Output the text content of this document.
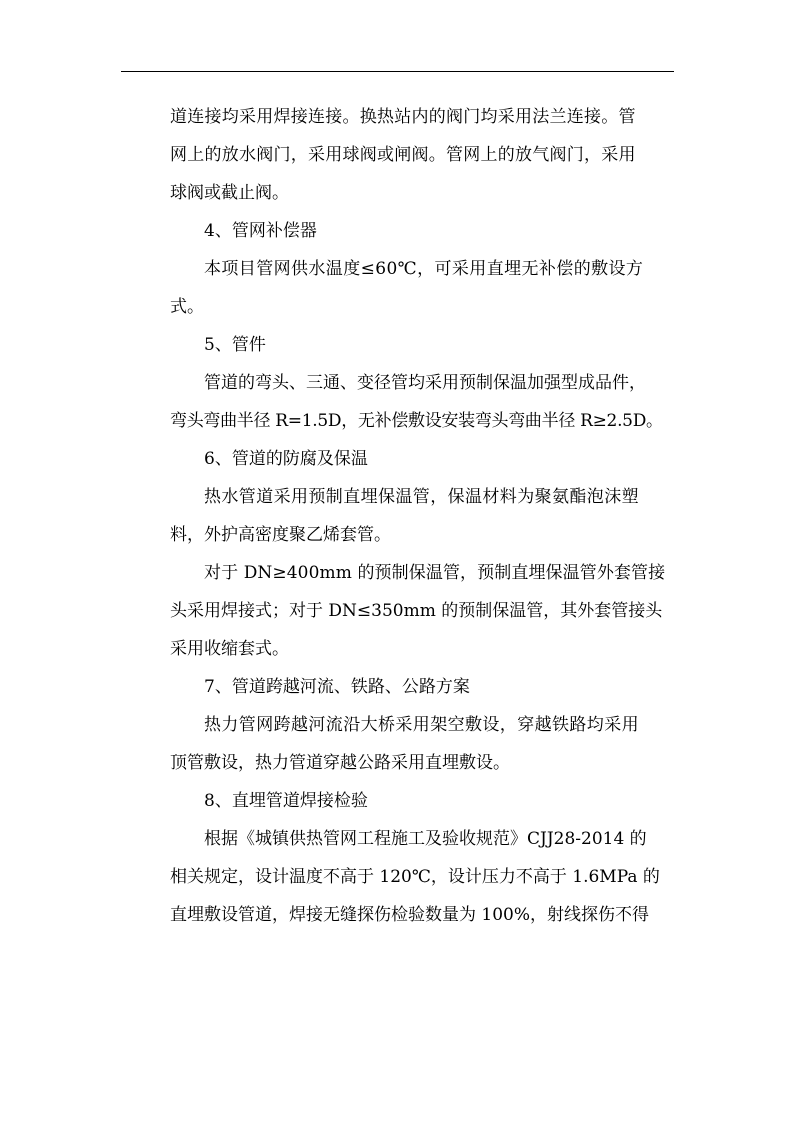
道连接均采用焊接连接。换热站内的阀门均采用法兰连接。管
网上的放水阀门，采用球阀或闸阀。管网上的放气阀门，采用
球阀或截止阀。
4、管网补偿器
本项目管网供水温度≤60℃，可采用直埋无补偿的敷设方
式。
5、管件
管道的弯头、三通、变径管均采用预制保温加强型成品件，
弯头弯曲半径 R=1.5D，无补偿敷设安装弯头弯曲半径 R≥2.5D。
6、管道的防腐及保温
热水管道采用预制直埋保温管，保温材料为聚氨酯泡沫塑
料，外护高密度聚乙烯套管。
对于 DN≥400mm 的预制保温管，预制直埋保温管外套管接
头采用焊接式；对于 DN≤350mm 的预制保温管，其外套管接头
采用收缩套式。
7、管道跨越河流、铁路、公路方案
热力管网跨越河流沿大桥采用架空敷设，穿越铁路均采用
顶管敷设，热力管道穿越公路采用直埋敷设。
8、直埋管道焊接检验
根据《城镇供热管网工程施工及验收规范》CJJ28-2014 的
相关规定，设计温度不高于 120℃，设计压力不高于 1.6MPa 的
直埋敷设管道，焊接无缝探伤检验数量为 100%，射线探伤不得
